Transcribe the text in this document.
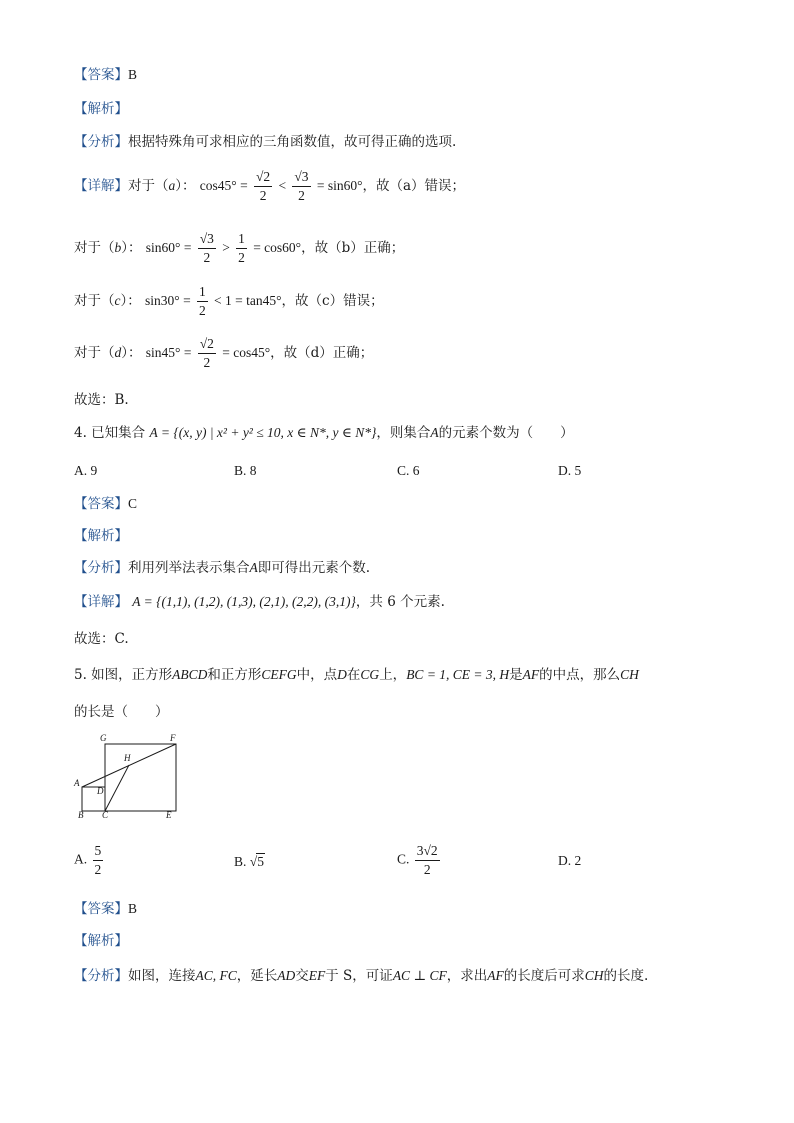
【答案】B
【解析】
【分析】根据特殊角可求相应的三角函数值，故可得正确的选项.
【详解】对于（a）： $\cos 45^\circ = \frac{√2}{2} < \frac{√3}{2} = \sin 60^\circ$，故（a）错误；
对于（b）： $\sin 60^\circ = \frac{√3}{2} > \frac{1}{2} = \cos 60^\circ$，故（b）正确；
对于（c）： $\sin 30^\circ = \frac{1}{2} < 1 = \tan 45^\circ$，故（c）错误；
对于（d）： $\sin 45^\circ = \frac{√2}{2} = \cos 45^\circ$，故（d）正确；
故选：B.
4. 已知集合 A = {(x, y) | x² + y² ≤ 10, x ∈ N*, y ∈ N*}，则集合A的元素个数为（　　）
A. 9	B. 8	C. 6	D. 5
【答案】C
【解析】
【分析】利用列举法表示集合A即可得出元素个数.
【详解】 A = {(1,1), (1,2), (1,3), (2,1), (2,2), (3,1)}，共 6 个元素.
故选：C.
5. 如图，正方形ABCD和正方形CEFG中，点D在CG上，BC = 1, CE = 3, H是AF的中点，那么CH
的长是（　　）
G	F
H
A
D
B C	E
A. $\frac{5}{2}$	B. √5	C. $\frac{3√2}{2}$	D. 2
【答案】B
【解析】
【分析】如图，连接AC, FC，延长AD交EF于 S，可证AC ⊥ CF，求出AF的长度后可求CH的长度.
